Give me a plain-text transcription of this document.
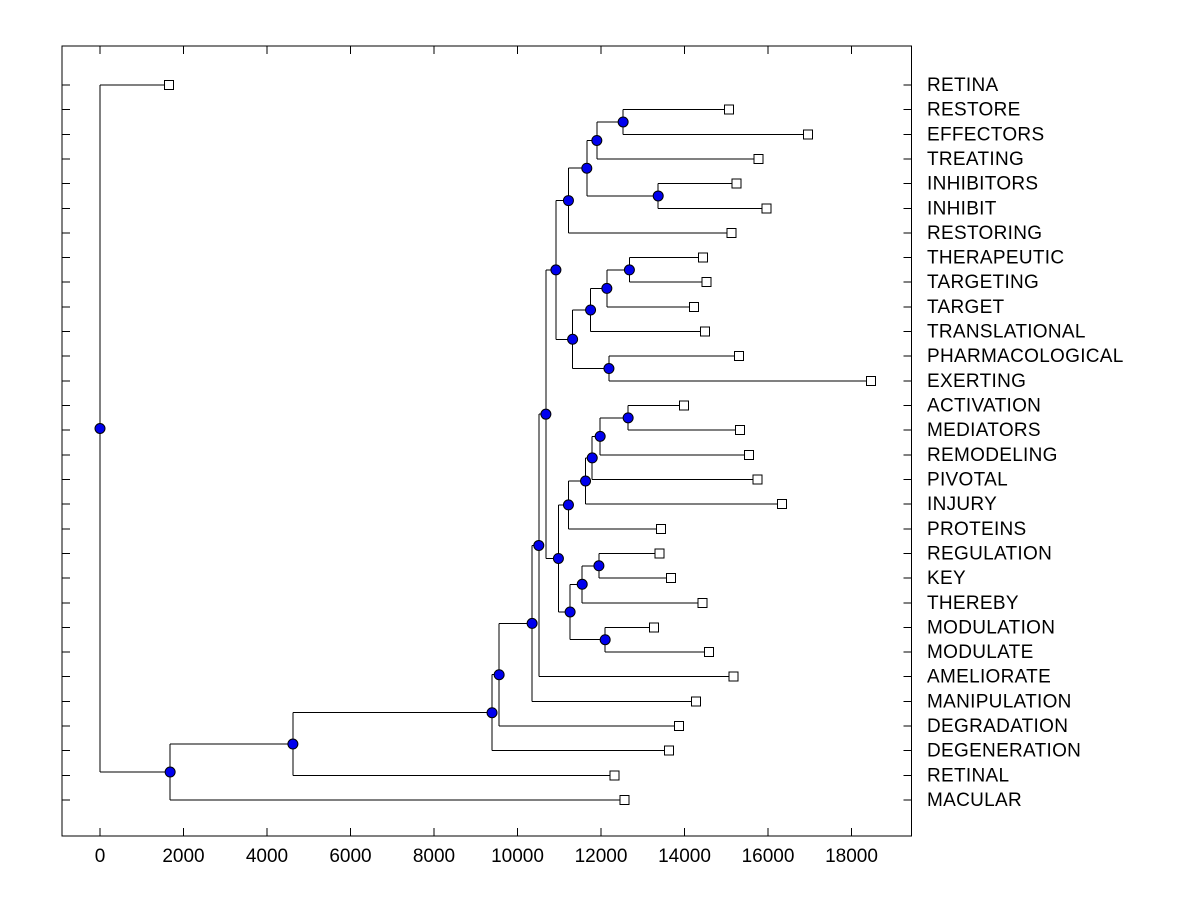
0	2000 4000 6000 8000 10000 12000 14000 16000 18000
RETINA
RESTORE
EFFECTORS
TREATING
INHIBITORS
INHIBIT
RESTORING
THERAPEUTIC
TARGETING
TARGET
TRANSLATIONAL
PHARMACOLOGICAL
EXERTING
ACTIVATION
MEDIATORS
REMODELING
PIVOTAL
INJURY
PROTEINS
REGULATION
KEY
THEREBY
MODULATION
MODULATE
AMELIORATE
MANIPULATION
DEGRADATION
DEGENERATION
RETINAL
MACULAR
